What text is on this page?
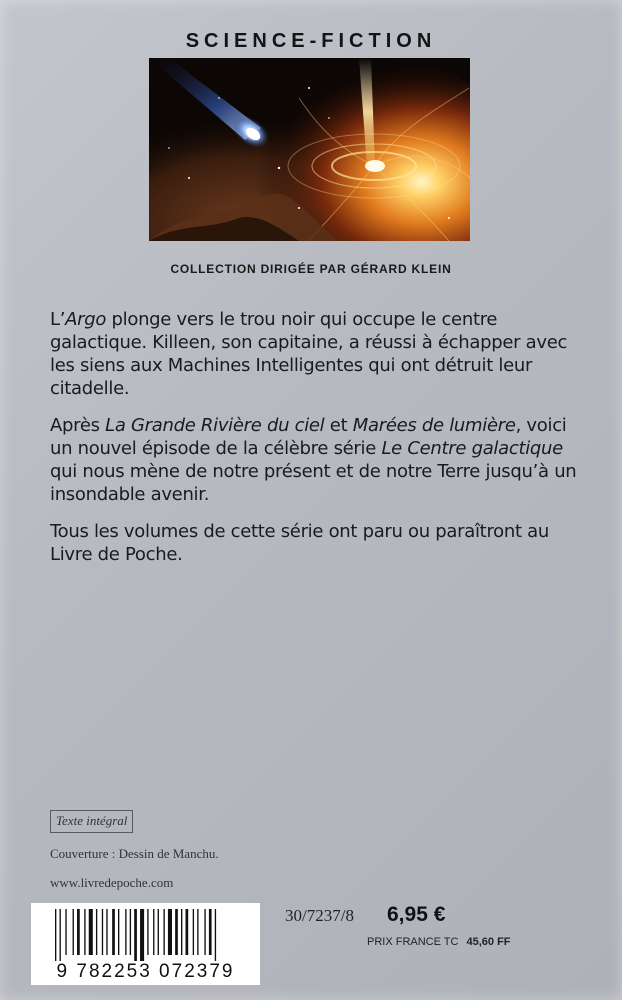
SCIENCE-FICTION
COLLECTION DIRIGÉE PAR GÉRARD KLEIN

L’Argo plonge vers le trou noir qui occupe le centre galactique. Killeen, son capitaine, a réussi à échapper avec les siens aux Machines Intelligentes qui ont détruit leur citadelle.

Après La Grande Rivière du ciel et Marées de lumière, voici un nouvel épisode de la célèbre série Le Centre galactique qui nous mène de notre présent et de notre Terre jusqu’à un insondable avenir.

Tous les volumes de cette série ont paru ou paraîtront au Livre de Poche.

Texte intégral
Couverture : Dessin de Manchu.
www.livredepoche.com
9 782253 072379
30/7237/8 6,95 €
PRIX FRANCE TC 45,60 FF
